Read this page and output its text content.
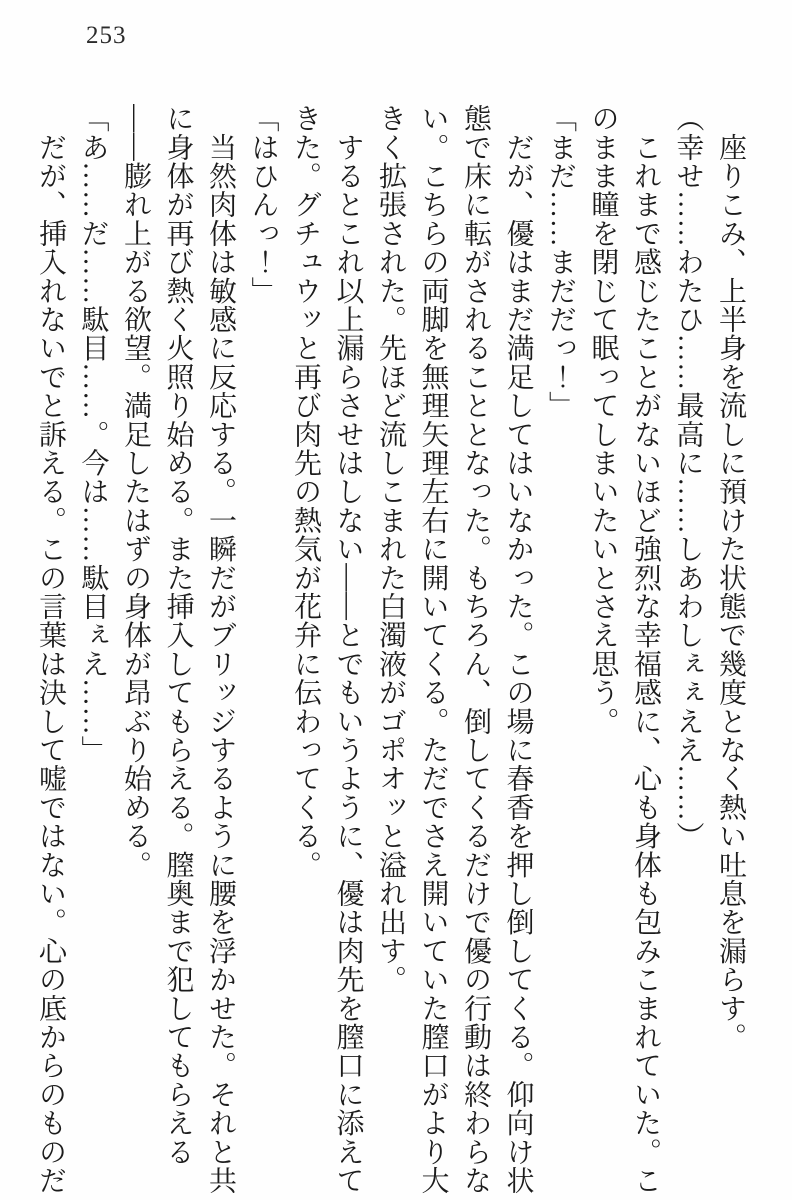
253

　座りこみ、上半身を流しに預けた状態で幾度となく熱い吐息を漏らす。

（幸せ……わたひ……最高に……しあわしぇぇええ……）

　これまで感じたことがないほど強烈な幸福感に、心も身体も包みこまれていた。このまま瞳を閉じて眠ってしまいたいとさえ思う。

「まだ……まだだっ！」

　だが、優はまだ満足してはいなかった。この場に春香を押し倒してくる。仰向け状態で床に転がされることとなった。もちろん、倒してくるだけで優の行動は終わらない。こちらの両脚を無理矢理左右に開いてくる。ただでさえ開いていた膣口がより大きく拡張された。先ほど流しこまれた白濁液がゴポオッと溢れ出す。

　するとこれ以上漏らさせはしない――とでもいうように、優は肉先を膣口に添えてきた。グチュウッと再び肉先の熱気が花弁に伝わってくる。

「はひんっ！」

　当然肉体は敏感に反応する。一瞬だがブリッジするように腰を浮かせた。それと共に身体が再び熱く火照り始める。また挿入してもらえる。膣奥まで犯してもらえる――膨れ上がる欲望。満足したはずの身体が昂ぶり始める。

「あ……だ……駄目……。今は……駄目ぇえ……」

　だが、挿入れないでと訴える。この言葉は決して嘘ではない。心の底からのものだ
